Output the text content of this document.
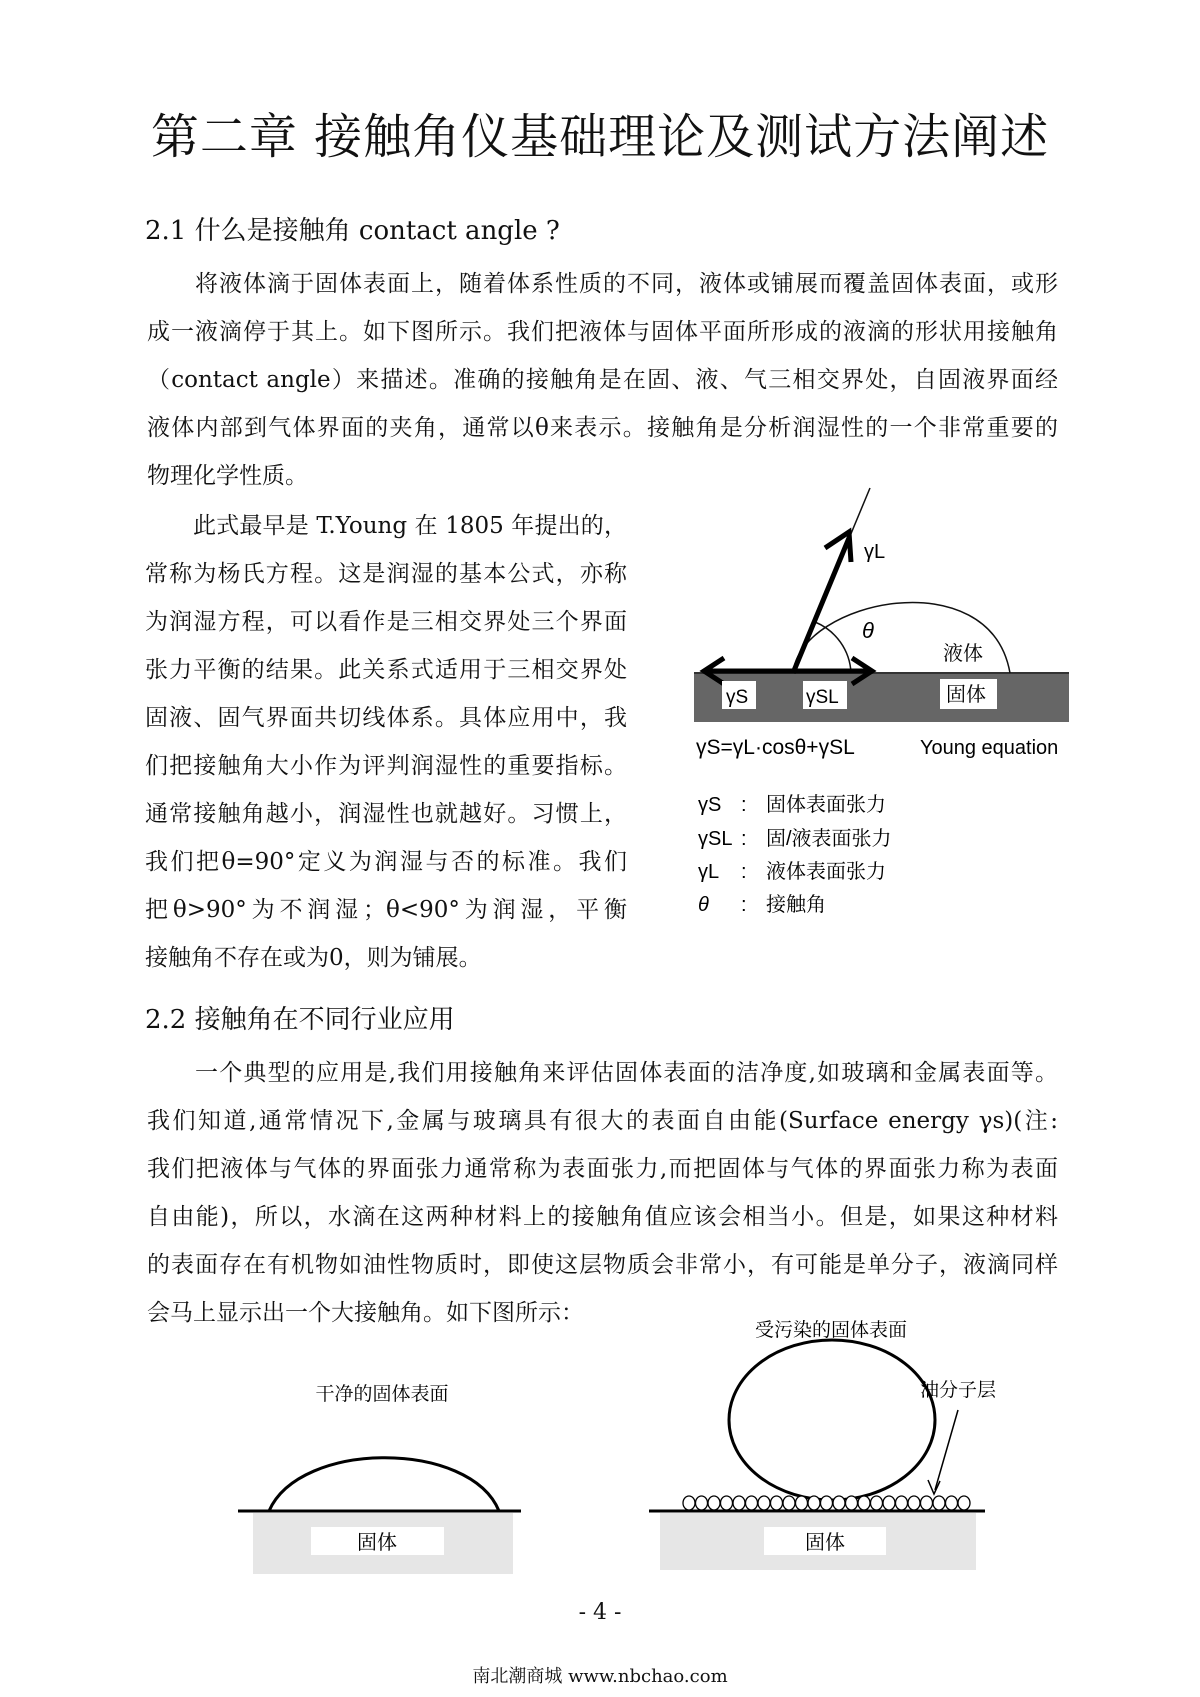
第二章 接触角仪基础理论及测试方法阐述
2.1 什么是接触角 contact angle ?
将液体滴于固体表面上，随着体系性质的不同，液体或铺展而覆盖固体表面，或形
成一液滴停于其上。如下图所示。我们把液体与固体平面所形成的液滴的形状用接触角
（contact angle）来描述。准确的接触角是在固、液、气三相交界处，自固液界面经
液体内部到气体界面的夹角，通常以θ来表示。接触角是分析润湿性的一个非常重要的
物理化学性质。
此式最早是 T.Young 在 1805 年提出的，
常称为杨氏方程。这是润湿的基本公式，亦称
为润湿方程，可以看作是三相交界处三个界面
张力平衡的结果。此关系式适用于三相交界处
固液、固气界面共切线体系。具体应用中，我
们把接触角大小作为评判润湿性的重要指标。
通常接触角越小，润湿性也就越好。习惯上，
我们把θ=90°定义为润湿与否的标准。我们
把θ>90°为不润湿；θ<90°为润湿，平衡
接触角不存在或为0，则为铺展。
γL
θ
液体
γS	γSL	固体
γS=γL·cosθ+γSL	Young equation
γS : 固体表面张力
γSL : 固/液表面张力
γL : 液体表面张力
θ : 接触角
干净的固体表面
固体
受污染的固体表面
油分子层
固体
2.2 接触角在不同行业应用
一个典型的应用是,我们用接触角来评估固体表面的洁净度,如玻璃和金属表面等。
我们知道,通常情况下,金属与玻璃具有很大的表面自由能(Surface energy γs)(注:
我们把液体与气体的界面张力通常称为表面张力,而把固体与气体的界面张力称为表面
自由能)，所以，水滴在这两种材料上的接触角值应该会相当小。但是，如果这种材料
的表面存在有机物如油性物质时，即使这层物质会非常小，有可能是单分子，液滴同样
会马上显示出一个大接触角。如下图所示：
- 4 -
南北潮商城 www.nbchao.com
